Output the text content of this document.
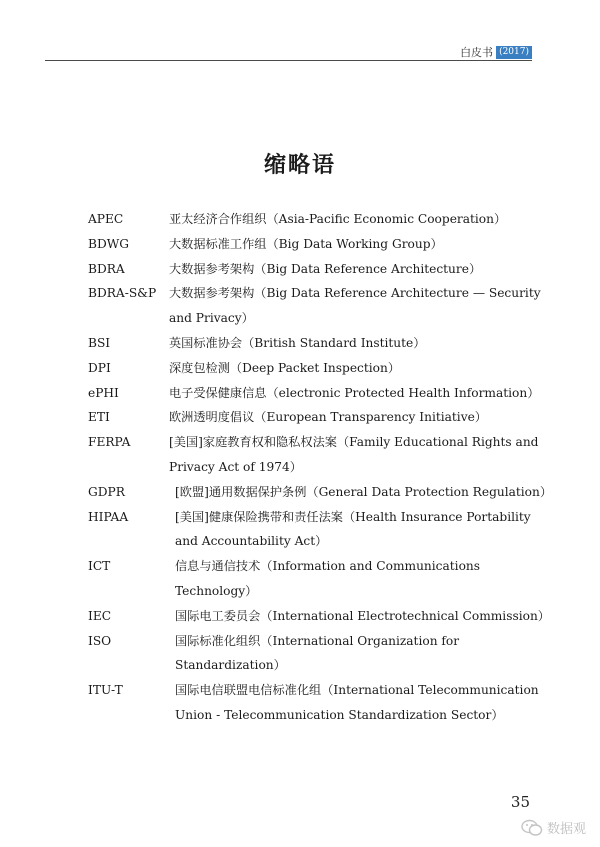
白皮书 (2017)
缩略语
APEC	亚太经济合作组织（Asia-Pacific Economic Cooperation）
BDWG	大数据标准工作组（Big Data Working Group）
BDRA	大数据参考架构（Big Data Reference Architecture）
BDRA-S&P	大数据参考架构（Big Data Reference Architecture — Security and Privacy）
BSI	英国标准协会（British Standard Institute）
DPI	深度包检测（Deep Packet Inspection）
ePHI	电子受保健康信息（electronic Protected Health Information）
ETI	欧洲透明度倡议（European Transparency Initiative）
FERPA	[美国]家庭教育权和隐私权法案（Family Educational Rights and Privacy Act of 1974）
GDPR	[欧盟]通用数据保护条例（General Data Protection Regulation）
HIPAA	[美国]健康保险携带和责任法案（Health Insurance Portability and Accountability Act）
ICT	信息与通信技术（Information and Communications Technology）
IEC	国际电工委员会（International Electrotechnical Commission）
ISO	国际标准化组织（International Organization for Standardization）
ITU-T	国际电信联盟电信标准化组（International Telecommunication Union - Telecommunication Standardization Sector）
35
数据观
